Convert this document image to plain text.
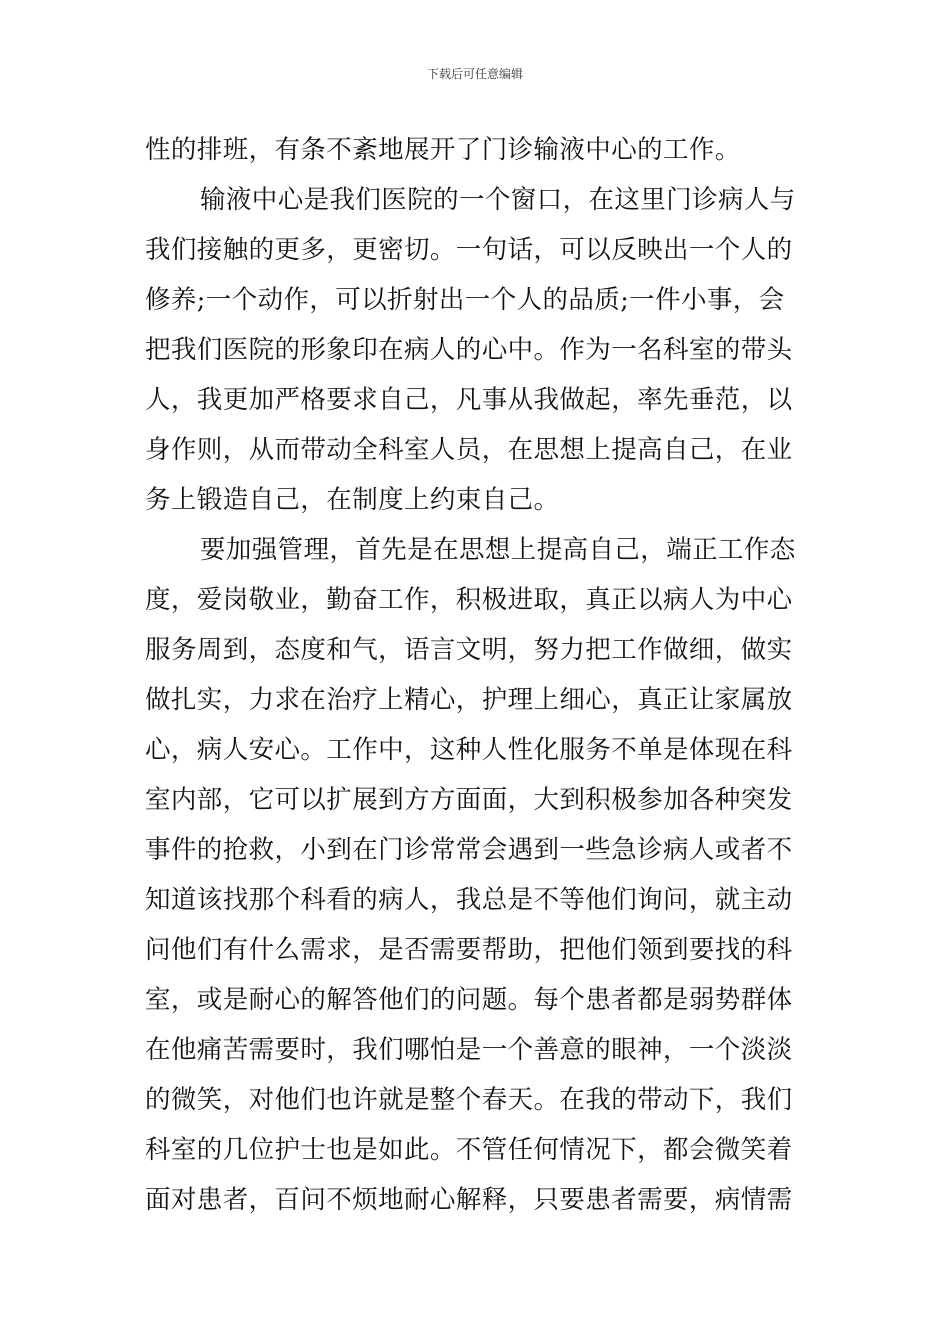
下载后可任意编辑
性的排班，有条不紊地展开了门诊输液中心的工作。
输液中心是我们医院的一个窗口，在这里门诊病人与
我们接触的更多，更密切。一句话，可以反映出一个人的
修养;一个动作，可以折射出一个人的品质;一件小事，会
把我们医院的形象印在病人的心中。作为一名科室的带头
人，我更加严格要求自己，凡事从我做起，率先垂范，以
身作则，从而带动全科室人员，在思想上提高自己，在业
务上锻造自己，在制度上约束自己。
要加强管理，首先是在思想上提高自己，端正工作态
度，爱岗敬业，勤奋工作，积极进取，真正以病人为中心
服务周到，态度和气，语言文明，努力把工作做细，做实
做扎实，力求在治疗上精心，护理上细心，真正让家属放
心，病人安心。工作中，这种人性化服务不单是体现在科
室内部，它可以扩展到方方面面，大到积极参加各种突发
事件的抢救，小到在门诊常常会遇到一些急诊病人或者不
知道该找那个科看的病人，我总是不等他们询问，就主动
问他们有什么需求，是否需要帮助，把他们领到要找的科
室，或是耐心的解答他们的问题。每个患者都是弱势群体
在他痛苦需要时，我们哪怕是一个善意的眼神，一个淡淡
的微笑，对他们也许就是整个春天。在我的带动下，我们
科室的几位护士也是如此。不管任何情况下，都会微笑着
面对患者，百问不烦地耐心解释，只要患者需要，病情需
